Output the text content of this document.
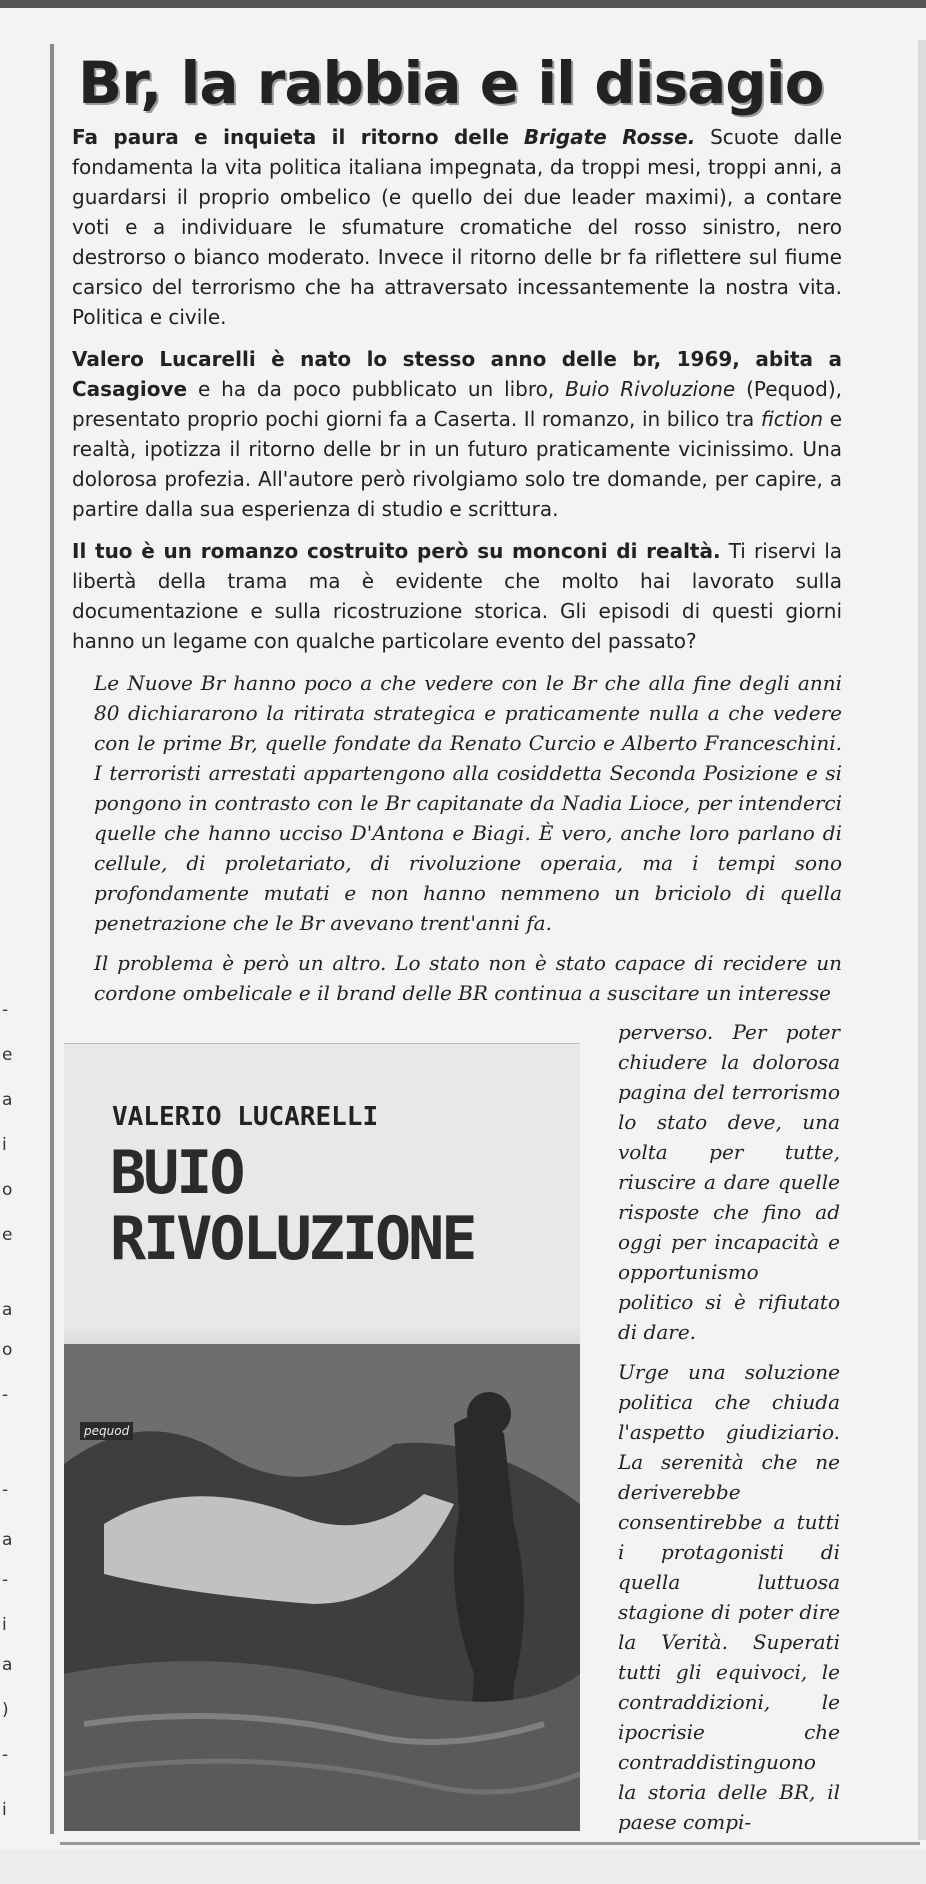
-
e
a
i
o
e
a
o
-
-
a
-
i
a
)
-
i
Br, la rabbia e il disagio

Fa paura e inquieta il ritorno delle Brigate Rosse. Scuote dalle fondamenta la vita politica italiana impegnata, da troppi mesi, troppi anni, a guardarsi il proprio ombelico (e quello dei due leader maximi), a contare voti e a individuare le sfumature cromatiche del rosso sinistro, nero destrorso o bianco moderato. Invece il ritorno delle br fa riflettere sul fiume carsico del terrorismo che ha attraversato incessantemente la nostra vita. Politica e civile.

Valero Lucarelli è nato lo stesso anno delle br, 1969, abita a Casagiove e ha da poco pubblicato un libro, Buio Rivoluzione (Pequod), presentato proprio pochi giorni fa a Caserta. Il romanzo, in bilico tra fiction e realtà, ipotizza il ritorno delle br in un futuro praticamente vicinissimo. Una dolorosa profezia. All'autore però rivolgiamo solo tre domande, per capire, a partire dalla sua esperienza di studio e scrittura.

Il tuo è un romanzo costruito però su monconi di realtà. Ti riservi la libertà della trama ma è evidente che molto hai lavorato sulla documentazione e sulla ricostruzione storica. Gli episodi di questi giorni hanno un legame con qualche particolare evento del passato?

Le Nuove Br hanno poco a che vedere con le Br che alla fine degli anni 80 dichiararono la ritirata strategica e praticamente nulla a che vedere con le prime Br, quelle fondate da Renato Curcio e Alberto Franceschini. I terroristi arrestati appartengono alla cosiddetta Seconda Posizione e si pongono in contrasto con le Br capitanate da Nadia Lioce, per intenderci quelle che hanno ucciso D'Antona e Biagi. È vero, anche loro parlano di cellule, di proletariato, di rivoluzione operaia, ma i tempi sono profondamente mutati e non hanno nemmeno un briciolo di quella penetrazione che le Br avevano trent'anni fa.

Il problema è però un altro. Lo stato non è stato capace di recidere un cordone ombelicale e il brand delle BR continua a suscitare un interesse

VALERIO LUCARELLI
BUIO
RIVOLUZIONE
pequod

perverso. Per poter chiudere la dolorosa pagina del terrorismo lo stato deve, una volta per tutte, riuscire a dare quelle risposte che fino ad oggi per incapacità e opportunismo politico si è rifiutato di dare.

Urge una soluzione politica che chiuda l'aspetto giudiziario. La serenità che ne deriverebbe consentirebbe a tutti i protagonisti di quella luttuosa stagione di poter dire la Verità. Superati tutti gli equivoci, le contraddizioni, le ipocrisie che contraddistinguono la storia delle BR, il paese compi-
